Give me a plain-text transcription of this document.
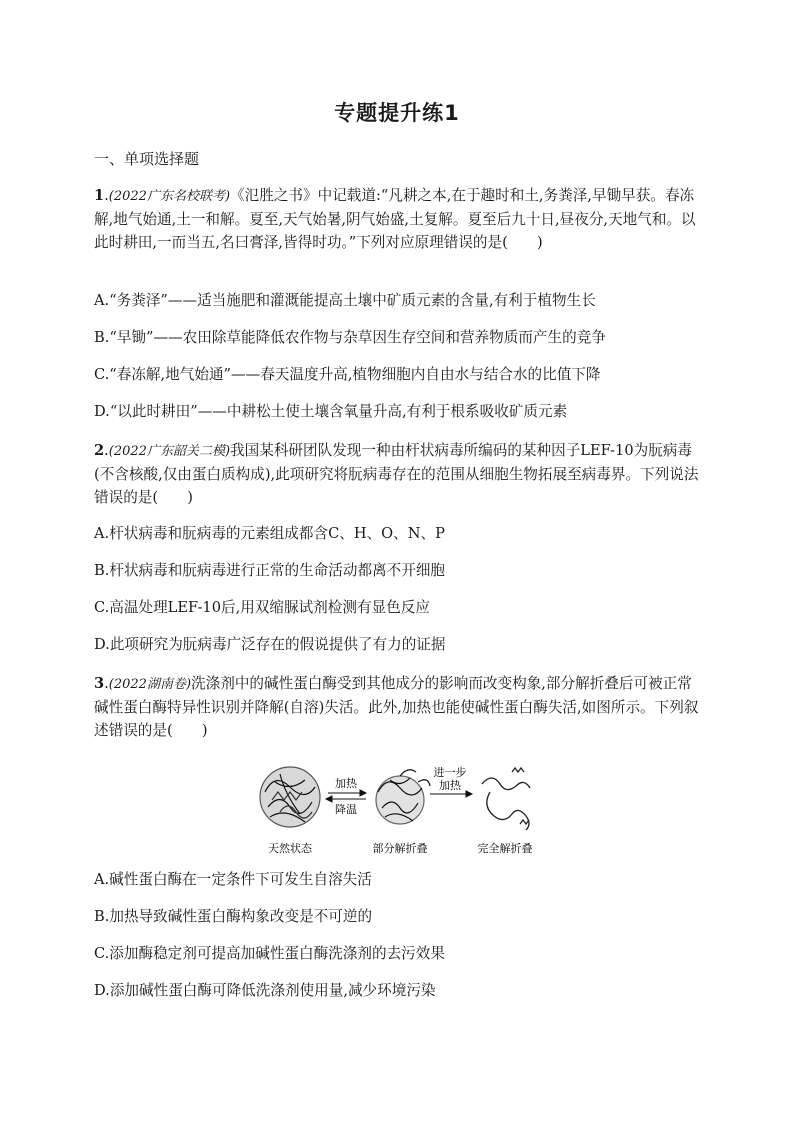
专题提升练1
一、单项选择题
1.(2022广东名校联考)《氾胜之书》中记载道:“凡耕之本,在于趣时和土,务粪泽,早锄早获。春冻解,地气始通,土一和解。夏至,天气始暑,阴气始盛,土复解。夏至后九十日,昼夜分,天地气和。以此时耕田,一而当五,名曰膏泽,皆得时功。”下列对应原理错误的是(　　)
A.“务粪泽”——适当施肥和灌溉能提高土壤中矿质元素的含量,有利于植物生长
B.“早锄”——农田除草能降低农作物与杂草因生存空间和营养物质而产生的竞争
C.“春冻解,地气始通”——春天温度升高,植物细胞内自由水与结合水的比值下降
D.“以此时耕田”——中耕松土使土壤含氧量升高,有利于根系吸收矿质元素
2.(2022广东韶关二模)我国某科研团队发现一种由杆状病毒所编码的某种因子LEF-10为朊病毒(不含核酸,仅由蛋白质构成),此项研究将朊病毒存在的范围从细胞生物拓展至病毒界。下列说法错误的是(　　)
A.杆状病毒和朊病毒的元素组成都含C、H、O、N、P
B.杆状病毒和朊病毒进行正常的生命活动都离不开细胞
C.高温处理LEF-10后,用双缩脲试剂检测有显色反应
D.此项研究为朊病毒广泛存在的假说提供了有力的证据
3.(2022湖南卷)洗涤剂中的碱性蛋白酶受到其他成分的影响而改变构象,部分解折叠后可被正常碱性蛋白酶特异性识别并降解(自溶)失活。此外,加热也能使碱性蛋白酶失活,如图所示。下列叙述错误的是(　　)
加热
降温
进一步
加热
天然状态	部分解折叠	完全解折叠
A.碱性蛋白酶在一定条件下可发生自溶失活
B.加热导致碱性蛋白酶构象改变是不可逆的
C.添加酶稳定剂可提高加碱性蛋白酶洗涤剂的去污效果
D.添加碱性蛋白酶可降低洗涤剂使用量,减少环境污染
